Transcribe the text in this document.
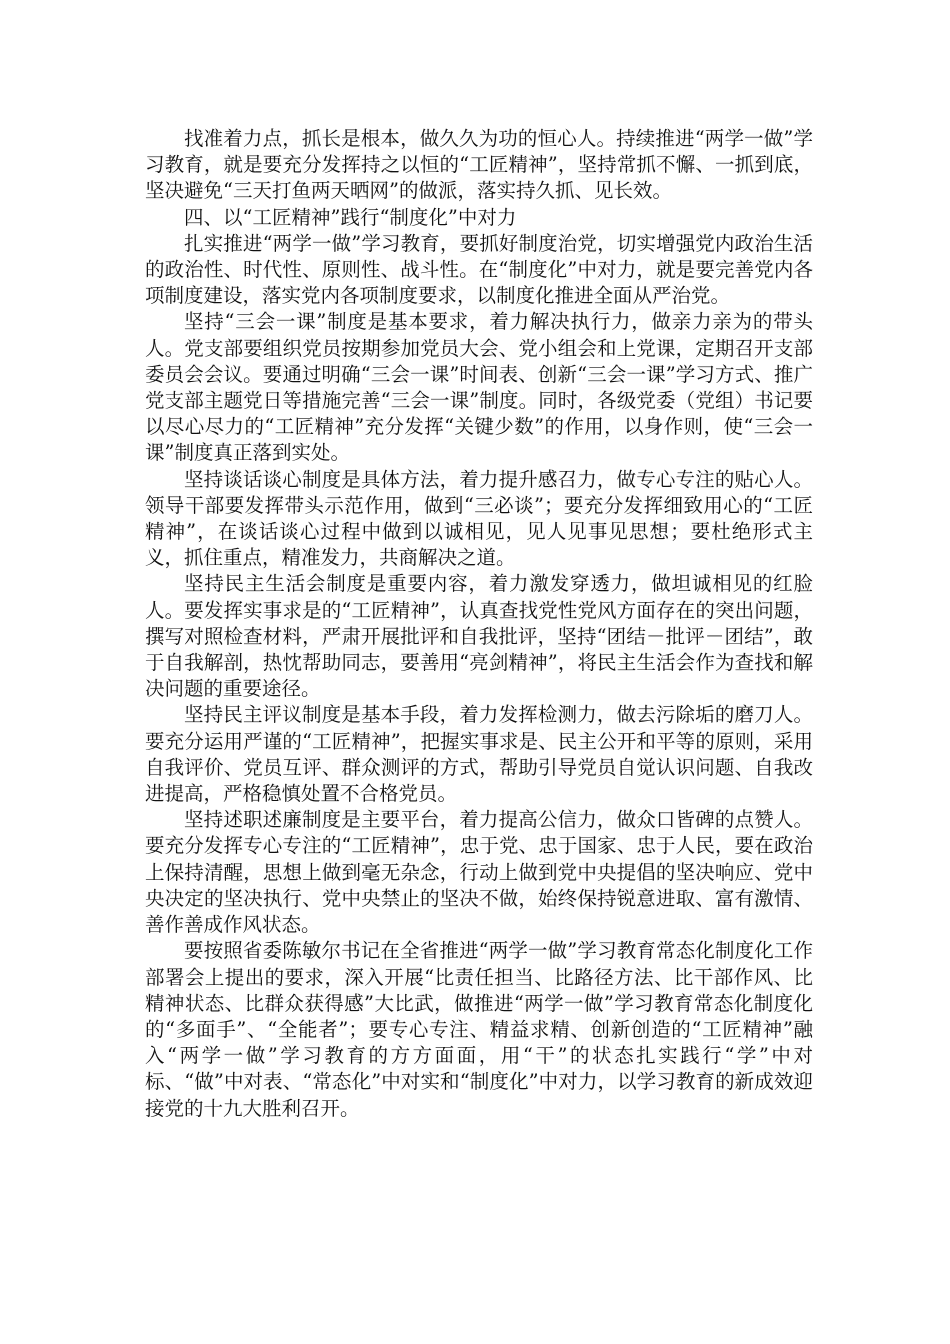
找准着力点，抓长是根本，做久久为功的恒心人。持续推进“两学一做”学习教育，就是要充分发挥持之以恒的“工匠精神”，坚持常抓不懈、一抓到底，坚决避免“三天打鱼两天晒网”的做派，落实持久抓、见长效。

四、以“工匠精神”践行“制度化”中对力

扎实推进“两学一做”学习教育，要抓好制度治党，切实增强党内政治生活的政治性、时代性、原则性、战斗性。在“制度化”中对力，就是要完善党内各项制度建设，落实党内各项制度要求，以制度化推进全面从严治党。

坚持“三会一课”制度是基本要求，着力解决执行力，做亲力亲为的带头人。党支部要组织党员按期参加党员大会、党小组会和上党课，定期召开支部委员会会议。要通过明确“三会一课”时间表、创新“三会一课”学习方式、推广党支部主题党日等措施完善“三会一课”制度。同时，各级党委（党组）书记要以尽心尽力的“工匠精神”充分发挥“关键少数”的作用，以身作则，使“三会一课”制度真正落到实处。

坚持谈话谈心制度是具体方法，着力提升感召力，做专心专注的贴心人。领导干部要发挥带头示范作用，做到“三必谈”；要充分发挥细致用心的“工匠精神”，在谈话谈心过程中做到以诚相见，见人见事见思想；要杜绝形式主义，抓住重点，精准发力，共商解决之道。

坚持民主生活会制度是重要内容，着力激发穿透力，做坦诚相见的红脸人。要发挥实事求是的“工匠精神”，认真查找党性党风方面存在的突出问题，撰写对照检查材料，严肃开展批评和自我批评，坚持“团结－批评－团结”，敢于自我解剖，热忱帮助同志，要善用“亮剑精神”，将民主生活会作为查找和解决问题的重要途径。

坚持民主评议制度是基本手段，着力发挥检测力，做去污除垢的磨刀人。要充分运用严谨的“工匠精神”，把握实事求是、民主公开和平等的原则，采用自我评价、党员互评、群众测评的方式，帮助引导党员自觉认识问题、自我改进提高，严格稳慎处置不合格党员。

坚持述职述廉制度是主要平台，着力提高公信力，做众口皆碑的点赞人。要充分发挥专心专注的“工匠精神”，忠于党、忠于国家、忠于人民，要在政治上保持清醒，思想上做到毫无杂念，行动上做到党中央提倡的坚决响应、党中央决定的坚决执行、党中央禁止的坚决不做，始终保持锐意进取、富有激情、善作善成作风状态。

要按照省委陈敏尔书记在全省推进“两学一做”学习教育常态化制度化工作部署会上提出的要求，深入开展“比责任担当、比路径方法、比干部作风、比精神状态、比群众获得感”大比武，做推进“两学一做”学习教育常态化制度化的“多面手”、“全能者”；要专心专注、精益求精、创新创造的“工匠精神”融入“两学一做”学习教育的方方面面，用“干”的状态扎实践行“学”中对标、“做”中对表、“常态化”中对实和“制度化”中对力，以学习教育的新成效迎接党的十九大胜利召开。
